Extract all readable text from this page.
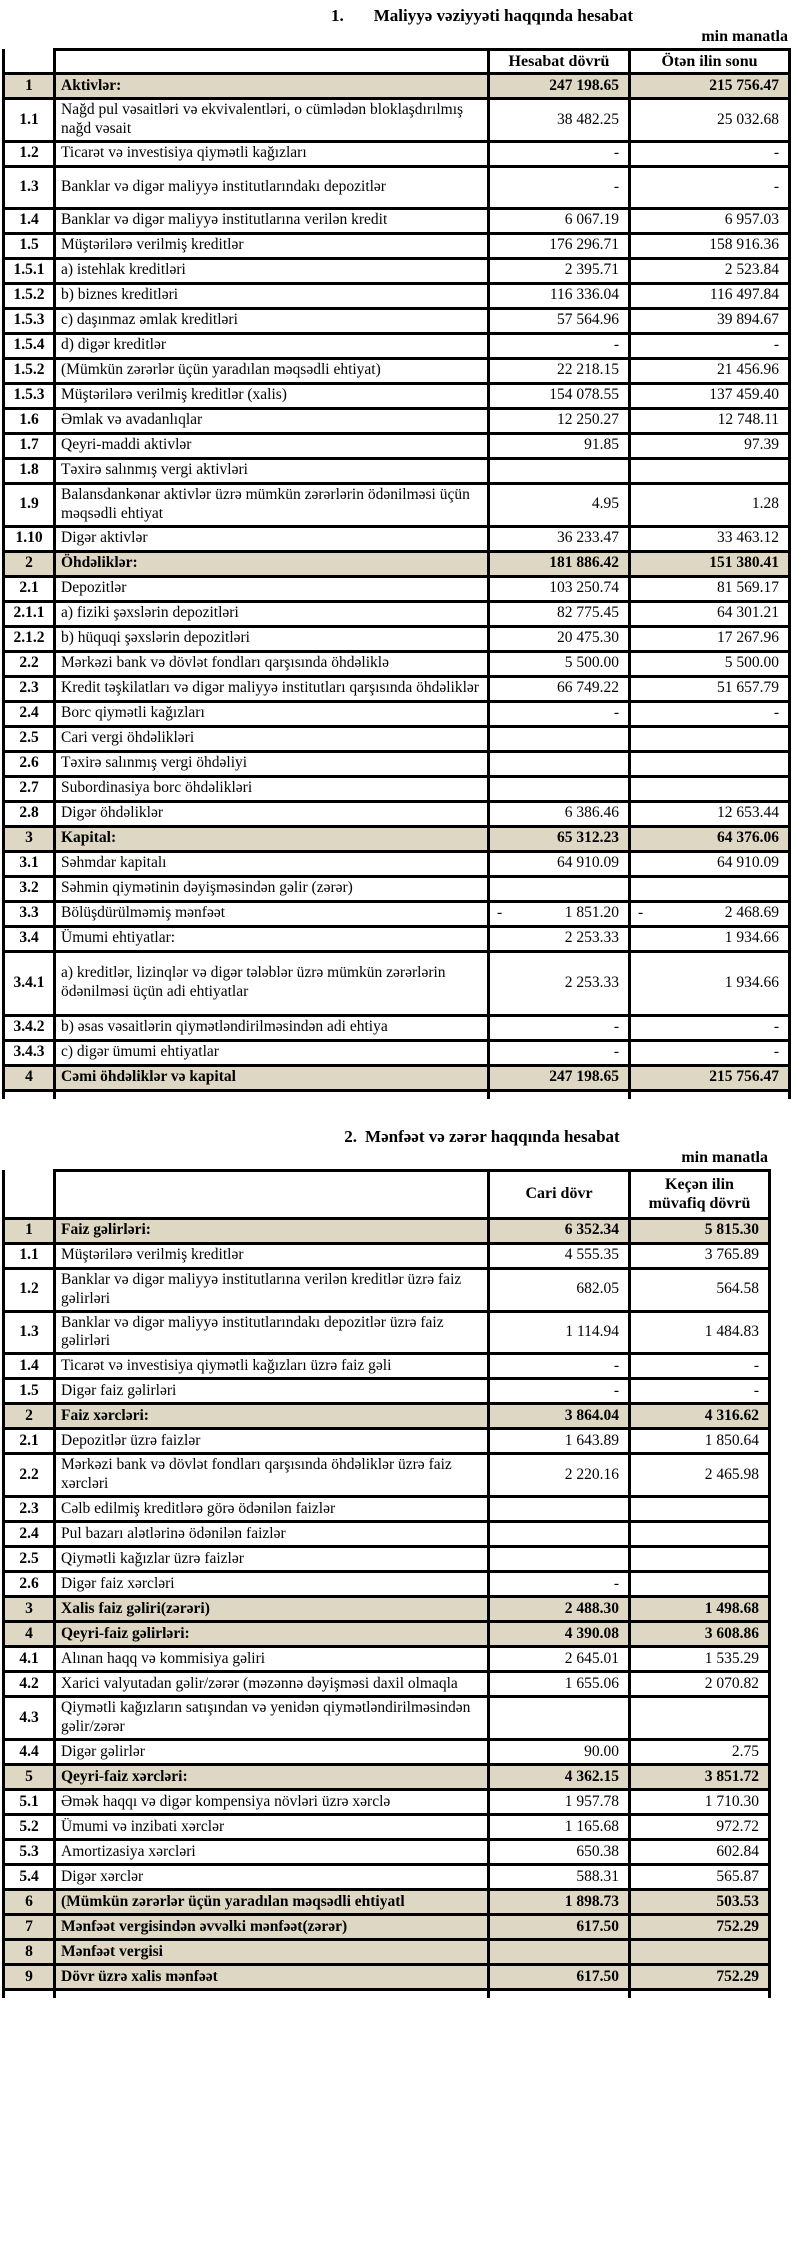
1. Maliyyə vəziyyəti haqqında hesabat
min manatla
		Hesabat dövrü	Ötən ilin sonu
1	Aktivlər:	247 198.65	215 756.47
1.1	Nağd pul vəsaitləri və ekvivalentləri, o cümlədən bloklaşdırılmış nağd vəsait	38 482.25	25 032.68
1.2	Ticarət və investisiya qiymətli kağızları	-	-
1.3	Banklar və digər maliyyə institutlarındakı depozitlər	-	-
1.4	Banklar və digər maliyyə institutlarına verilən kredit	6 067.19	6 957.03
1.5	Müştərilərə verilmiş kreditlər	176 296.71	158 916.36
1.5.1	a) istehlak kreditləri	2 395.71	2 523.84
1.5.2	b) biznes kreditləri	116 336.04	116 497.84
1.5.3	c) daşınmaz əmlak kreditləri	57 564.96	39 894.67
1.5.4	d) digər kreditlər	-	-
1.5.2	(Mümkün zərərlər üçün yaradılan məqsədli ehtiyat)	22 218.15	21 456.96
1.5.3	Müştərilərə verilmiş kreditlər (xalis)	154 078.55	137 459.40
1.6	Əmlak və avadanlıqlar	12 250.27	12 748.11
1.7	Qeyri-maddi aktivlər	91.85	97.39
1.8	Təxirə salınmış vergi aktivləri		
1.9	Balansdankənar aktivlər üzrə mümkün zərərlərin ödənilməsi üçün məqsədli ehtiyat	4.95	1.28
1.10	Digər aktivlər	36 233.47	33 463.12
2	Öhdəliklər:	181 886.42	151 380.41
2.1	Depozitlər	103 250.74	81 569.17
2.1.1	a) fiziki şəxslərin depozitləri	82 775.45	64 301.21
2.1.2	b) hüquqi şəxslərin depozitləri	20 475.30	17 267.96
2.2	Mərkəzi bank və dövlət fondları qarşısında öhdəliklə	5 500.00	5 500.00
2.3	Kredit təşkilatları və digər maliyyə institutları qarşısında öhdəliklər	66 749.22	51 657.79
2.4	Borc qiymətli kağızları	-	-
2.5	Cari vergi öhdəlikləri		
2.6	Təxirə salınmış vergi öhdəliyi		
2.7	Subordinasiya borc öhdəlikləri		
2.8	Digər öhdəliklər	6 386.46	12 653.44
3	Kapital:	65 312.23	64 376.06
3.1	Səhmdar kapitalı	64 910.09	64 910.09
3.2	Səhmin qiymətinin dəyişməsindən gəlir (zərər)		
3.3	Bölüşdürülməmiş mənfəət	- 1 851.20	- 2 468.69
3.4	Ümumi ehtiyatlar:	2 253.33	1 934.66
3.4.1	a) kreditlər, lizinqlər və digər tələblər üzrə mümkün zərərlərin ödənilməsi üçün adi ehtiyatlar	2 253.33	1 934.66
3.4.2	b) əsas vəsaitlərin qiymətləndirilməsindən adi ehtiya	-	-
3.4.3	c) digər ümumi ehtiyatlar	-	-
4	Cəmi öhdəliklər və kapital	247 198.65	215 756.47

2. Mənfəət və zərər haqqında hesabat
min manatla
		Cari dövr	Keçən ilin müvafiq dövrü
1	Faiz gəlirləri:	6 352.34	5 815.30
1.1	Müştərilərə verilmiş kreditlər	4 555.35	3 765.89
1.2	Banklar və digər maliyyə institutlarına verilən kreditlər üzrə faiz gəlirləri	682.05	564.58
1.3	Banklar və digər maliyyə institutlarındakı depozitlər üzrə faiz gəlirləri	1 114.94	1 484.83
1.4	Ticarət və investisiya qiymətli kağızları üzrə faiz gəli	-	-
1.5	Digər faiz gəlirləri	-	-
2	Faiz xərcləri:	3 864.04	4 316.62
2.1	Depozitlər üzrə faizlər	1 643.89	1 850.64
2.2	Mərkəzi bank və dövlət fondları qarşısında öhdəliklər üzrə faiz xərcləri	2 220.16	2 465.98
2.3	Cəlb edilmiş kreditlərə görə ödənilən faizlər		
2.4	Pul bazarı alətlərinə ödənilən faizlər		
2.5	Qiymətli kağızlar üzrə faizlər		
2.6	Digər faiz xərcləri	-	
3	Xalis faiz gəliri(zərəri)	2 488.30	1 498.68
4	Qeyri-faiz gəlirləri:	4 390.08	3 608.86
4.1	Alınan haqq və kommisiya gəliri	2 645.01	1 535.29
4.2	Xarici valyutadan gəlir/zərər (məzənnə dəyişməsi daxil olmaqla	1 655.06	2 070.82
4.3	Qiymətli kağızların satışından və yenidən qiymətləndirilməsindən gəlir/zərər		
4.4	Digər gəlirlər	90.00	2.75
5	Qeyri-faiz xərcləri:	4 362.15	3 851.72
5.1	Əmək haqqı və digər kompensiya növləri üzrə xərclə	1 957.78	1 710.30
5.2	Ümumi və inzibati xərclər	1 165.68	972.72
5.3	Amortizasiya xərcləri	650.38	602.84
5.4	Digər xərclər	588.31	565.87
6	(Mümkün zərərlər üçün yaradılan məqsədli ehtiyatl	1 898.73	503.53
7	Mənfəət vergisindən əvvəlki mənfəət(zərər)	617.50	752.29
8	Mənfəət vergisi		
9	Dövr üzrə xalis mənfəət	617.50	752.29
